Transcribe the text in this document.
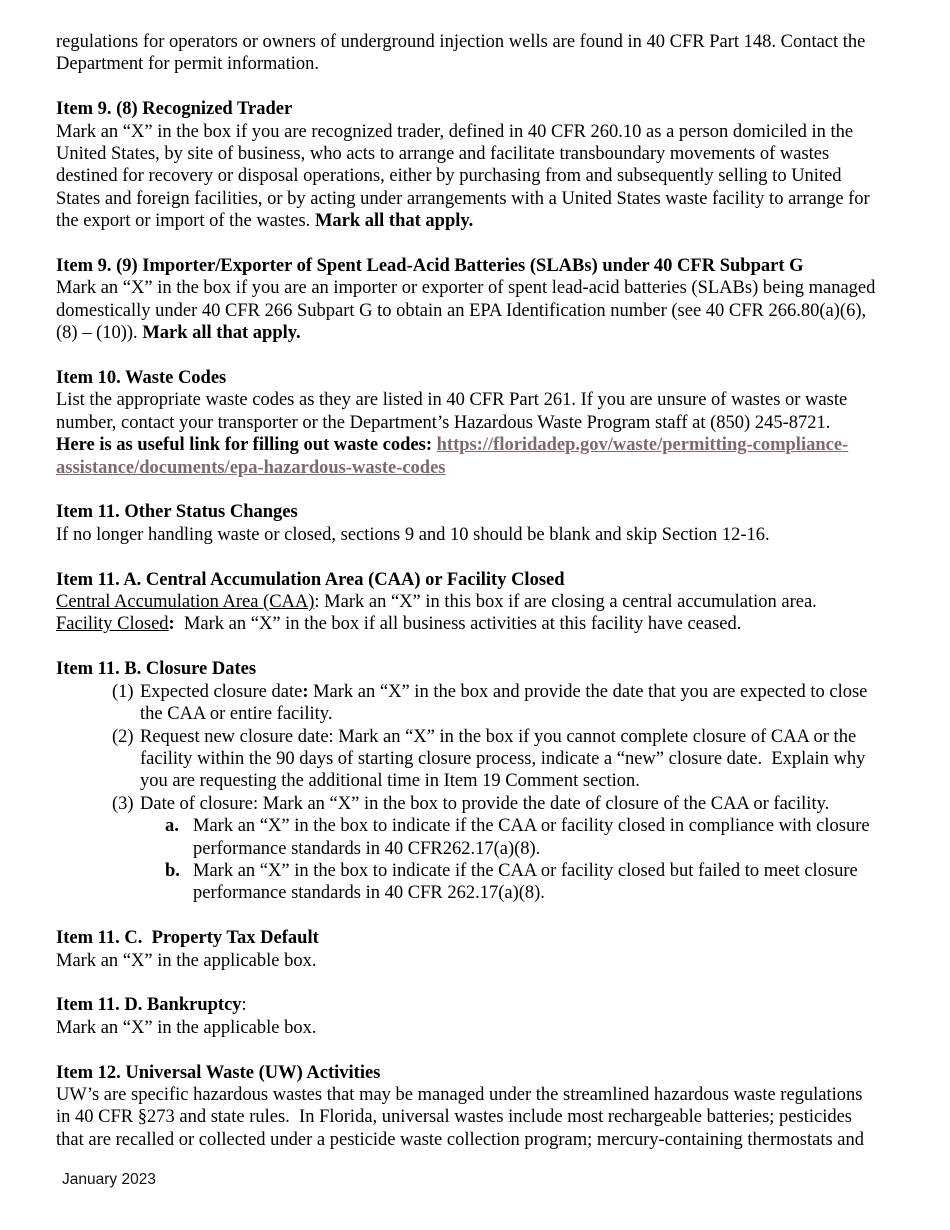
regulations for operators or owners of underground injection wells are found in 40 CFR Part 148. Contact the Department for permit information.

Item 9. (8) Recognized Trader

Mark an “X” in the box if you are recognized trader, defined in 40 CFR 260.10 as a person domiciled in the United States, by site of business, who acts to arrange and facilitate transboundary movements of wastes destined for recovery or disposal operations, either by purchasing from and subsequently selling to United States and foreign facilities, or by acting under arrangements with a United States waste facility to arrange for the export or import of the wastes. Mark all that apply.

Item 9. (9) Importer/Exporter of Spent Lead-Acid Batteries (SLABs) under 40 CFR Subpart G

Mark an “X” in the box if you are an importer or exporter of spent lead-acid batteries (SLABs) being managed domestically under 40 CFR 266 Subpart G to obtain an EPA Identification number (see 40 CFR 266.80(a)(6), (8) – (10)). Mark all that apply.

Item 10. Waste Codes

List the appropriate waste codes as they are listed in 40 CFR Part 261. If you are unsure of wastes or waste number, contact your transporter or the Department’s Hazardous Waste Program staff at (850) 245-8721.

Here is as useful link for filling out waste codes: https://floridadep.gov/waste/permitting-compliance-assistance/documents/epa-hazardous-waste-codes

Item 11. Other Status Changes

If no longer handling waste or closed, sections 9 and 10 should be blank and skip Section 12-16.

Item 11. A. Central Accumulation Area (CAA) or Facility Closed

Central Accumulation Area (CAA): Mark an “X” in this box if are closing a central accumulation area.

Facility Closed:  Mark an “X” in the box if all business activities at this facility have ceased.

Item 11. B. Closure Dates

(1) Expected closure date: Mark an “X” in the box and provide the date that you are expected to close the CAA or entire facility.
(2) Request new closure date: Mark an “X” in the box if you cannot complete closure of CAA or the facility within the 90 days of starting closure process, indicate a “new” closure date.  Explain why you are requesting the additional time in Item 19 Comment section.
(3) Date of closure: Mark an “X” in the box to provide the date of closure of the CAA or facility.
a. Mark an “X” in the box to indicate if the CAA or facility closed in compliance with closure performance standards in 40 CFR262.17(a)(8).
b. Mark an “X” in the box to indicate if the CAA or facility closed but failed to meet closure performance standards in 40 CFR 262.17(a)(8).

Item 11. C.  Property Tax Default

Mark an “X” in the applicable box.

Item 11. D. Bankruptcy:

Mark an “X” in the applicable box.

Item 12. Universal Waste (UW) Activities

UW’s are specific hazardous wastes that may be managed under the streamlined hazardous waste regulations in 40 CFR §273 and state rules.  In Florida, universal wastes include most rechargeable batteries; pesticides that are recalled or collected under a pesticide waste collection program; mercury-containing thermostats and

January 2023
